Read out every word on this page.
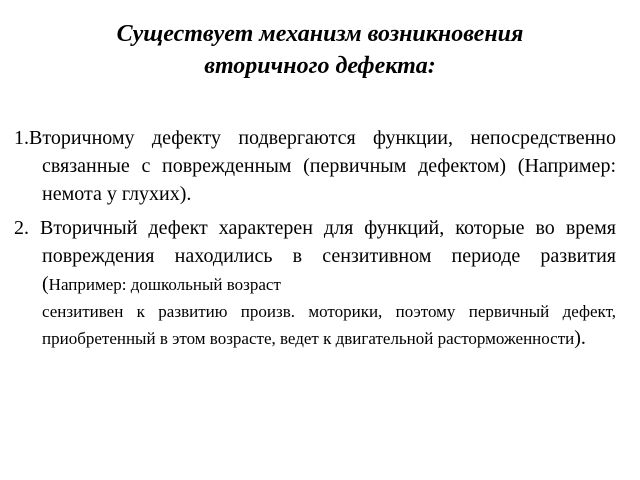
Существует механизм возникновения
вторичного дефекта:
1.Вторичному дефекту подвергаются функции, непосредственно связанные с поврежденным (первичным дефектом) (Например: немота у глухих).
2. Вторичный дефект характерен для функций, которые во время повреждения находились в сензитивном периоде развития (Например: дошкольный возраст
сензитивен к развитию произв. моторики, поэтому первичный дефект, приобретенный в этом возрасте, ведет к двигательной расторможенности).
